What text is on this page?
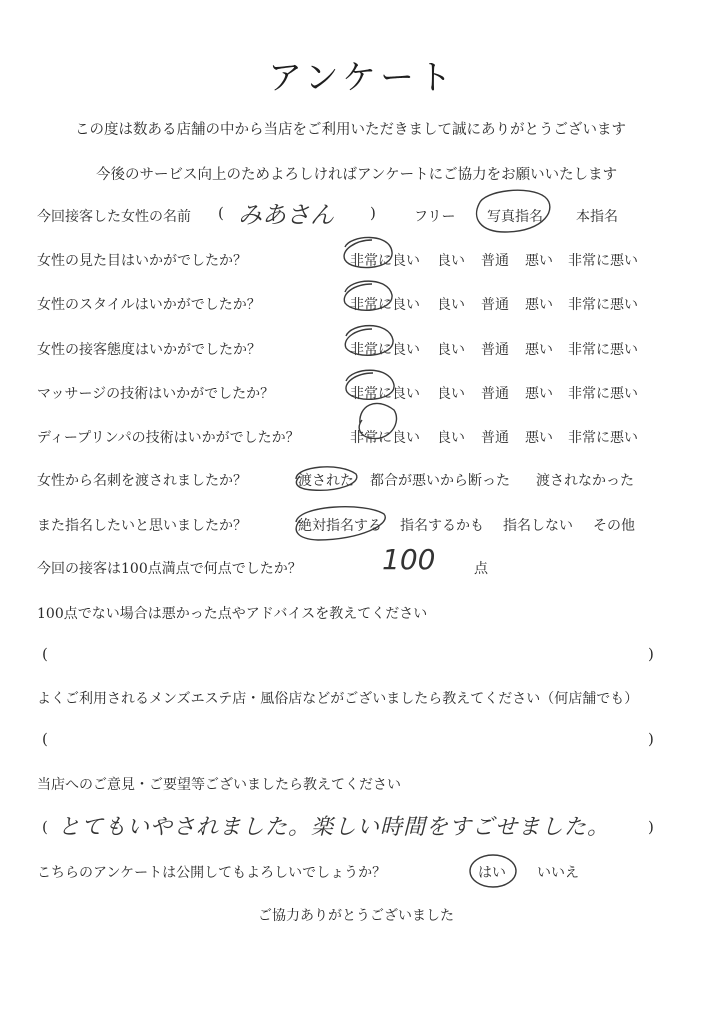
アンケート
この度は数ある店舗の中から当店をご利用いただきまして誠にありがとうございます
今後のサービス向上のためよろしければアンケートにご協力をお願いいたします
今回接客した女性の名前 ( みあさん )	フリー 写真指名 本指名
女性の見た目はいかがでしたか？	非常に良い 良い 普通 悪い 非常に悪い
女性のスタイルはいかがでしたか？	非常に良い 良い 普通 悪い 非常に悪い
女性の接客態度はいかがでしたか？	非常に良い 良い 普通 悪い 非常に悪い
マッサージの技術はいかがでしたか？	非常に良い 良い 普通 悪い 非常に悪い
ディープリンパの技術はいかがでしたか？	非常に良い 良い 普通 悪い 非常に悪い
女性から名刺を渡されましたか？	渡された 都合が悪いから断った 渡されなかった
また指名したいと思いましたか？	絶対指名する 指名するかも 指名しない その他
今回の接客は100点満点で何点でしたか？	100	点
100点でない場合は悪かった点やアドバイスを教えてください
(	)
よくご利用されるメンズエステ店・風俗店などがございましたら教えてください（何店舗でも）
(	)
当店へのご意見・ご要望等ございましたら教えてください
( とてもいやされました。楽しい時間をすごせました。	)
こちらのアンケートは公開してもよろしいでしょうか？	はい いいえ
ご協力ありがとうございました
